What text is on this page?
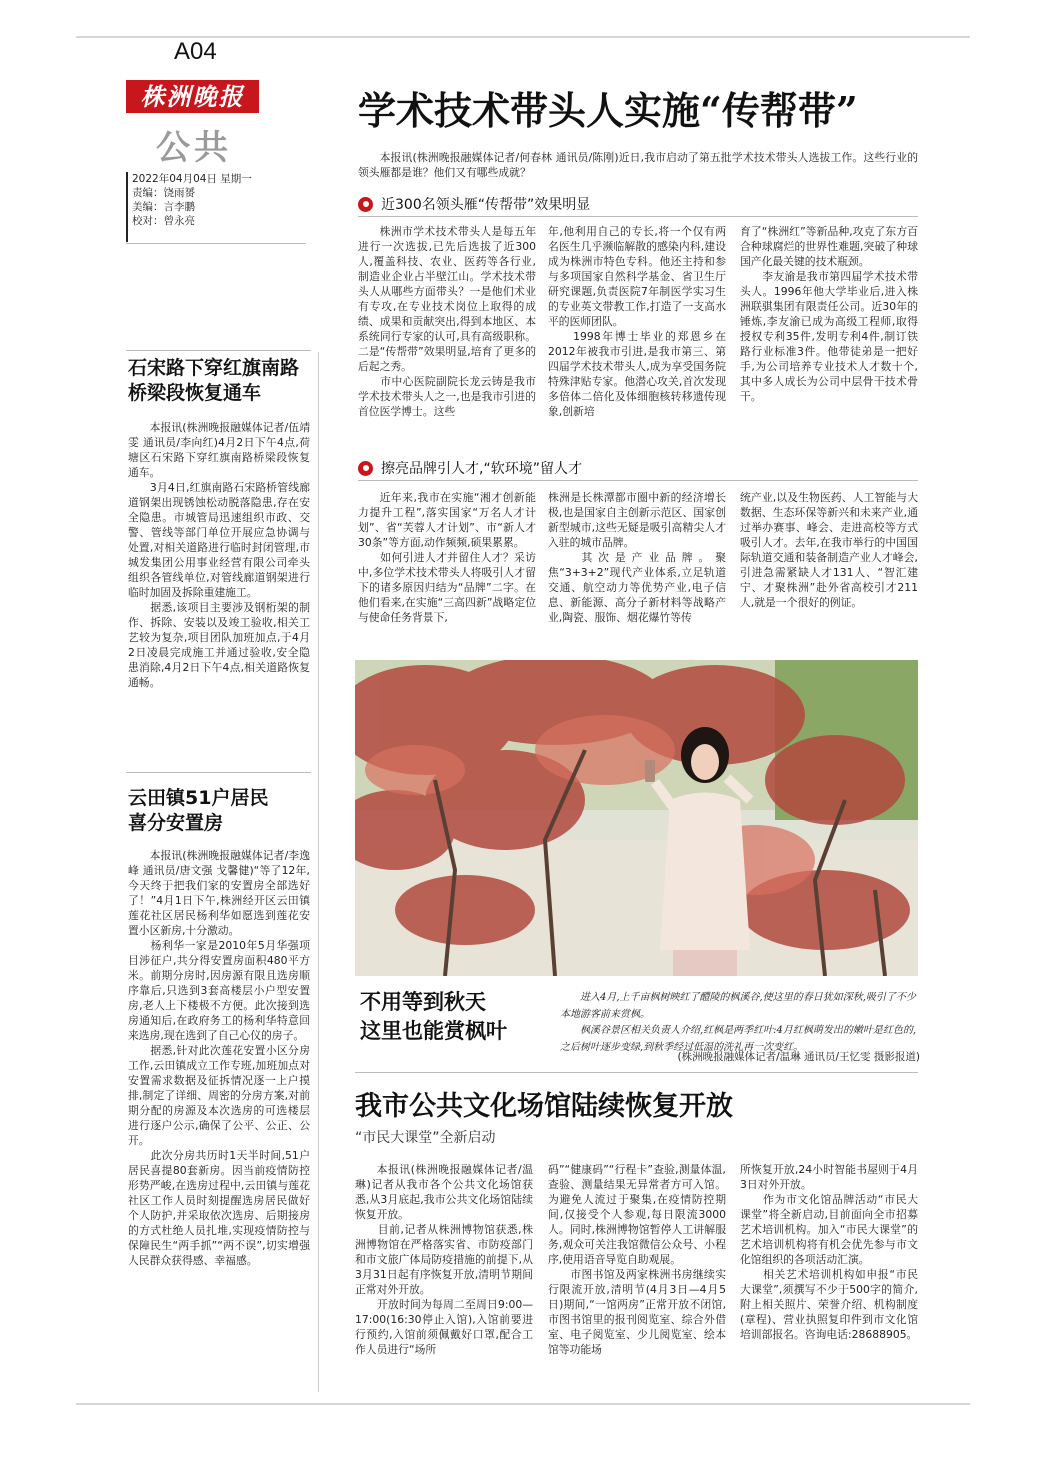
A04
株洲晚报
公共
2022年04月04日 星期一
责编：饶雨赟
美编：言李鹏
校对：曾永亮
学术技术带头人实施“传帮带”
本报讯(株洲晚报融媒体记者/何春林 通讯员/陈刚)近日,我市启动了第五批学术技术带头人选拔工作。这些行业的领头雁都是谁？他们又有哪些成就？
近300名领头雁“传帮带”效果明显
株洲市学术技术带头人是每五年进行一次选拔,已先后选拔了近300人,覆盖科技、农业、医药等各行业,制造业企业占半壁江山。学术技术带头人从哪些方面带头？一是他们术业有专攻,在专业技术岗位上取得的成绩、成果和贡献突出,得到本地区、本系统同行专家的认可,具有高级职称。二是“传帮带”效果明显,培育了更多的后起之秀。
　　市中心医院副院长龙云铸是我市学术技术带头人之一,也是我市引进的首位医学博士。这些
年,他利用自己的专长,将一个仅有两名医生几乎濒临解散的感染内科,建设成为株洲市特色专科。他还主持和参与多项国家自然科学基金、省卫生厅研究课题,负责医院7年制医学实习生的专业英文带教工作,打造了一支高水平的医师团队。
　　1998年博士毕业的郑恩乡在2012年被我市引进,是我市第三、第四届学术技术带头人,成为享受国务院特殊津贴专家。他潜心攻关,首次发现多倍体二倍化及体细胞核转移遗传现象,创新培
育了“株洲红”等新品种,攻克了东方百合种球腐烂的世界性难题,突破了种球国产化最关键的技术瓶颈。
　　李友渝是我市第四届学术技术带头人。1996年他大学毕业后,进入株洲联骐集团有限责任公司。近30年的锤炼,李友渝已成为高级工程师,取得授权专利35件,发明专利4件,制订铁路行业标准3件。他带徒弟是一把好手,为公司培养专业技术人才数十个,其中多人成长为公司中层骨干技术骨干。
擦亮品牌引人才,“软环境”留人才
近年来,我市在实施“湘才创新能力提升工程”,落实国家“万名人才计划”、省“芙蓉人才计划”、市“新人才30条”等方面,动作频频,硕果累累。
　　如何引进人才并留住人才？采访中,多位学术技术带头人将吸引人才留下的诸多原因归结为“品牌”二字。在他们看来,在实施“三高四新”战略定位与使命任务背景下,
株洲是长株潭都市圈中新的经济增长极,也是国家自主创新示范区、国家创新型城市,这些无疑是吸引高精尖人才入驻的城市品牌。
　　其次是产业品牌。聚焦“3+3+2”现代产业体系,立足轨道交通、航空动力等优势产业,电子信息、新能源、高分子新材料等战略产业,陶瓷、服饰、烟花爆竹等传
统产业,以及生物医药、人工智能与大数据、生态环保等新兴和未来产业,通过举办赛事、峰会、走进高校等方式吸引人才。去年,在我市举行的中国国际轨道交通和装备制造产业人才峰会,引进急需紧缺人才131人、“智汇建宁、才聚株洲”赴外省高校引才211人,就是一个很好的例证。
石宋路下穿红旗南路
桥梁段恢复通车
本报讯(株洲晚报融媒体记者/伍靖雯 通讯员/李向红)4月2日下午4点,荷塘区石宋路下穿红旗南路桥梁段恢复通车。
　　3月4日,红旗南路石宋路桥管线廊道钢架出现锈蚀松动脱落隐患,存在安全隐患。市城管局迅速组织市政、交警、管线等部门单位开展应急协调与处置,对相关道路进行临时封闭管理,市城发集团公用事业经营有限公司牵头组织各管线单位,对管线廊道钢架进行临时加固及拆除重建施工。
　　据悉,该项目主要涉及钢桁架的制作、拆除、安装以及竣工验收,相关工艺较为复杂,项目团队加班加点,于4月2日凌晨完成施工并通过验收,安全隐患消除,4月2日下午4点,相关道路恢复通畅。
云田镇51户居民
喜分安置房
本报讯(株洲晚报融媒体记者/李逸峰 通讯员/唐文强 戈馨健)“等了12年,今天终于把我们家的安置房全部选好了！”4月1日下午,株洲经开区云田镇莲花社区居民杨利华如愿选到莲花安置小区新房,十分激动。
　　杨利华一家是2010年5月华强项目涉征户,共分得安置房面积480平方米。前期分房时,因房源有限且选房顺序靠后,只选到3套高楼层小户型安置房,老人上下楼极不方便。此次接到选房通知后,在政府务工的杨利华特意回来选房,现在选到了自己心仪的房子。
　　据悉,针对此次莲花安置小区分房工作,云田镇成立工作专班,加班加点对安置需求数据及征拆情况逐一上户摸排,制定了详细、周密的分房方案,对前期分配的房源及本次选房的可选楼层进行逐户公示,确保了公平、公正、公开。
　　此次分房共历时1天半时间,51户居民喜提80套新房。因当前疫情防控形势严峻,在选房过程中,云田镇与莲花社区工作人员时刻提醒选房居民做好个人防护,并采取依次选房、后期接房的方式杜绝人员扎堆,实现疫情防控与保障民生“两手抓”“两不误”,切实增强人民群众获得感、幸福感。
不用等到秋天
这里也能赏枫叶
　　进入4月,上千亩枫树映红了醴陵的枫溪谷,使这里的春日犹如深秋,吸引了不少本地游客前来赏枫。
　　枫溪谷景区相关负责人介绍,红枫是两季红叶:4月红枫萌发出的嫩叶是红色的,之后树叶逐步变绿,到秋季经过低温的洗礼再一次变红。
(株洲晚报融媒体记者/温琳 通讯员/王忆雯 摄影报道)
我市公共文化场馆陆续恢复开放
“市民大课堂”全新启动
本报讯(株洲晚报融媒体记者/温琳)记者从我市各个公共文化场馆获悉,从3月底起,我市公共文化场馆陆续恢复开放。
　　目前,记者从株洲博物馆获悉,株洲博物馆在严格落实省、市防疫部门和市文旅广体局防疫措施的前提下,从3月31日起有序恢复开放,清明节期间正常对外开放。
　　开放时间为每周二至周日9:00—17:00(16:30停止入馆),入馆前要进行预约,入馆前须佩戴好口罩,配合工作人员进行“场所
码”“健康码”“行程卡”查验,测量体温,查验、测量结果无异常者方可入馆。为避免人流过于聚集,在疫情防控期间,仅接受个人参观,每日限流3000人。同时,株洲博物馆暂停人工讲解服务,观众可关注我馆微信公众号、小程序,使用语音导览自助观展。
　　市图书馆及两家株洲书房继续实行限流开放,清明节(4月3日—4月5日)期间,“一馆两房”正常开放不闭馆,市图书馆里的报刊阅览室、综合外借室、电子阅览室、少儿阅览室、绘本馆等功能场
所恢复开放,24小时智能书屋则于4月3日对外开放。
　　作为市文化馆品牌活动“市民大课堂”将全新启动,目前面向全市招募艺术培训机构。加入“市民大课堂”的艺术培训机构将有机会优先参与市文化馆组织的各项活动汇演。
　　相关艺术培训机构如申报“市民大课堂”,须撰写不少于500字的简介,附上相关照片、荣誉介绍、机构制度(章程)、营业执照复印件到市文化馆培训部报名。咨询电话:28688905。
